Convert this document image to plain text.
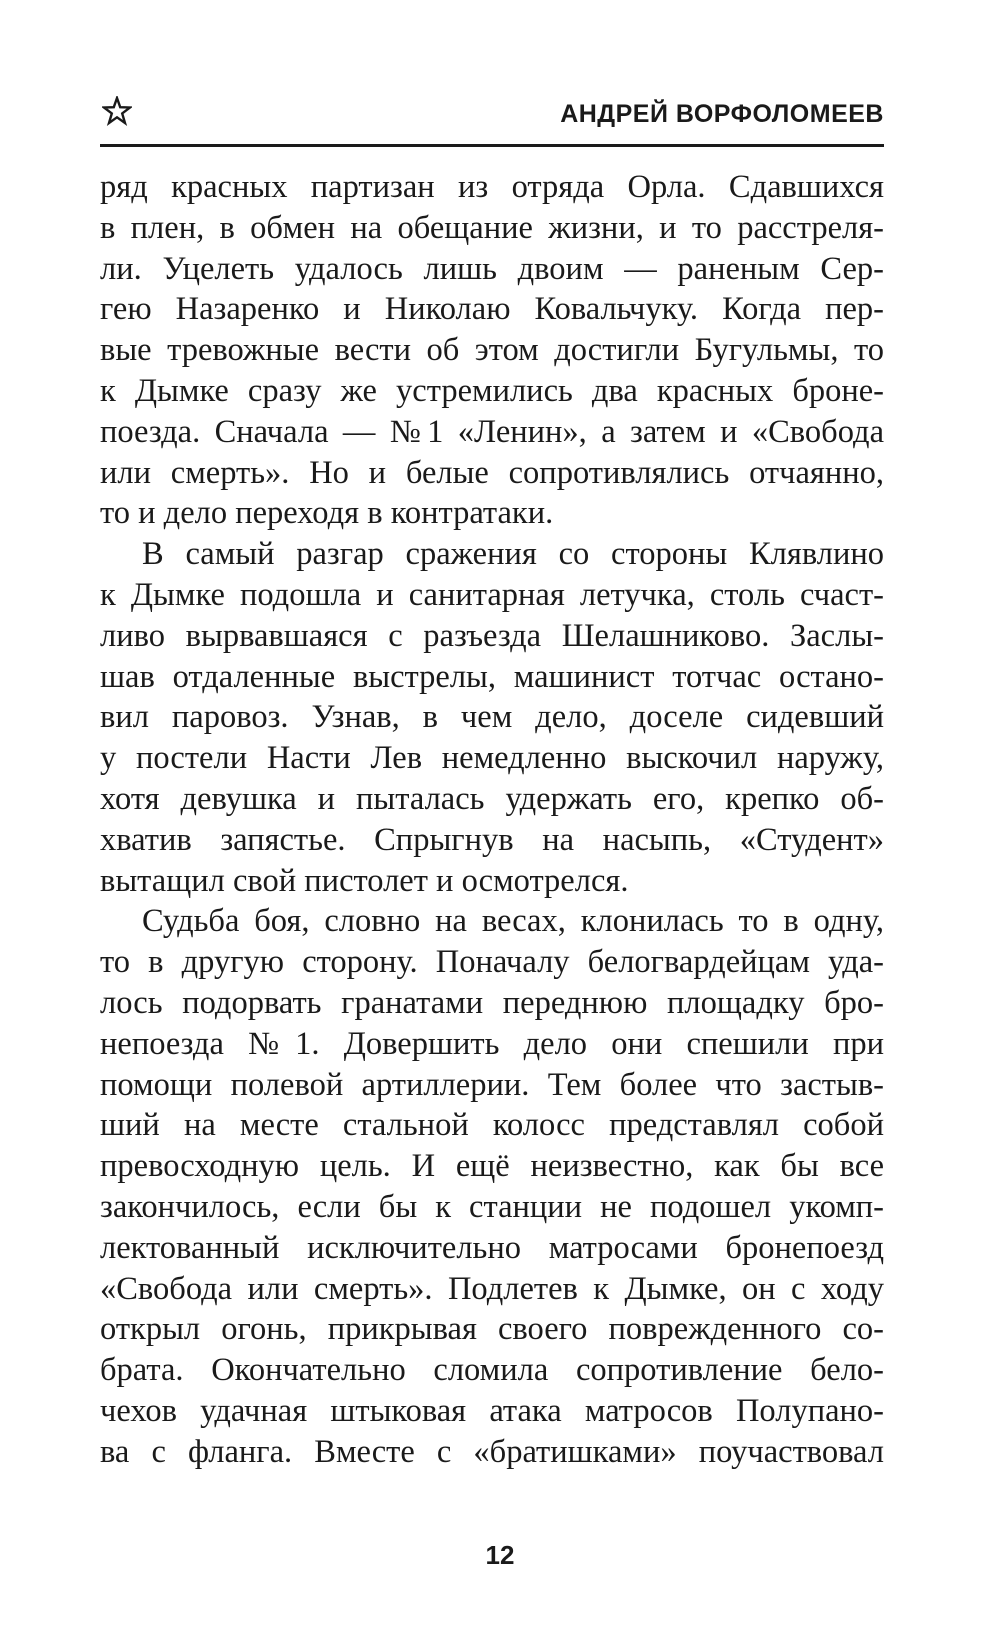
АНДРЕЙ ВОРФОЛОМЕЕВ
ряд красных партизан из отряда Орла. Сдавшихся
в плен, в обмен на обещание жизни, и то расстреля-
ли. Уцелеть удалось лишь двоим — раненым Сер-
гею Назаренко и Николаю Ковальчуку. Когда пер-
вые тревожные вести об этом достигли Бугульмы, то
к Дымке сразу же устремились два красных броне-
поезда. Сначала — №1 «Ленин», а затем и «Свобода
или смерть». Но и белые сопротивлялись отчаянно,
то и дело переходя в контратаки.
В самый разгар сражения со стороны Клявлино
к Дымке подошла и санитарная летучка, столь счаст-
ливо вырвавшаяся с разъезда Шелашниково. Заслы-
шав отдаленные выстрелы, машинист тотчас остано-
вил паровоз. Узнав, в чем дело, доселе сидевший
у постели Насти Лев немедленно выскочил наружу,
хотя девушка и пыталась удержать его, крепко об-
хватив запястье. Спрыгнув на насыпь, «Студент»
вытащил свой пистолет и осмотрелся.
Судьба боя, словно на весах, клонилась то в одну,
то в другую сторону. Поначалу белогвардейцам уда-
лось подорвать гранатами переднюю площадку бро-
непоезда №1. Довершить дело они спешили при
помощи полевой артиллерии. Тем более что застыв-
ший на месте стальной колосс представлял собой
превосходную цель. И ещё неизвестно, как бы все
закончилось, если бы к станции не подошел укомп-
лектованный исключительно матросами бронепоезд
«Свобода или смерть». Подлетев к Дымке, он с ходу
открыл огонь, прикрывая своего поврежденного со-
брата. Окончательно сломила сопротивление бело-
чехов удачная штыковая атака матросов Полупано-
ва с фланга. Вместе с «братишками» поучаствовал
12
